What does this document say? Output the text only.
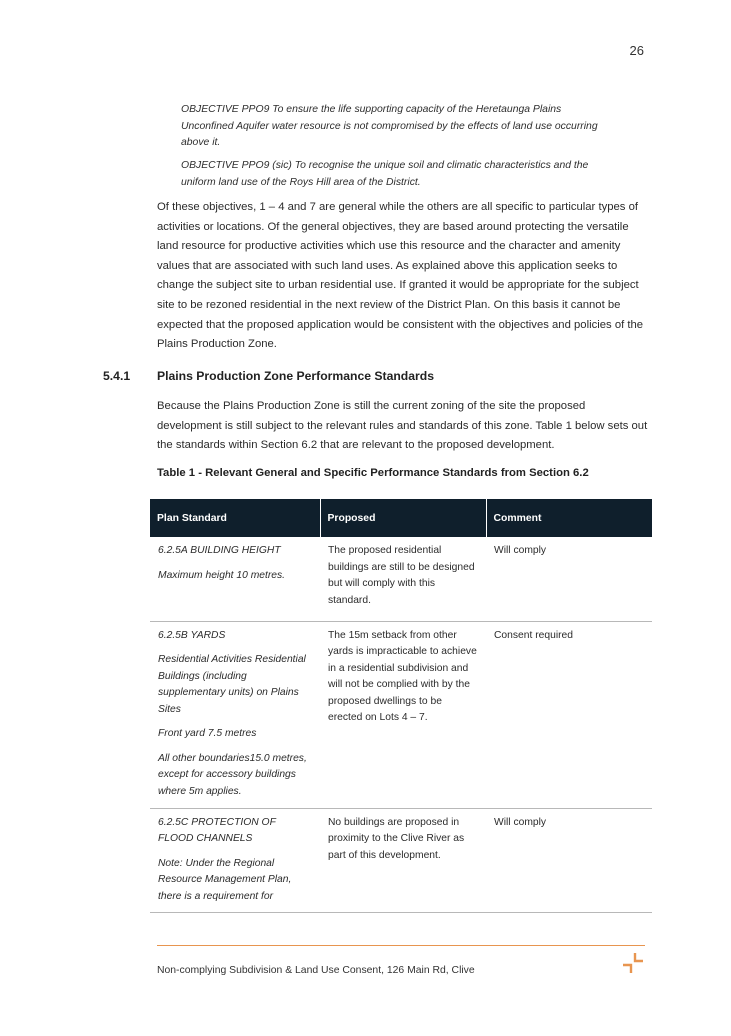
26

OBJECTIVE PPO9 To ensure the life supporting capacity of the Heretaunga Plains Unconfined Aquifer water resource is not compromised by the effects of land use occurring above it.

OBJECTIVE PPO9 (sic) To recognise the unique soil and climatic characteristics and the uniform land use of the Roys Hill area of the District.

Of these objectives, 1 – 4 and 7 are general while the others are all specific to particular types of activities or locations. Of the general objectives, they are based around protecting the versatile land resource for productive activities which use this resource and the character and amenity values that are associated with such land uses. As explained above this application seeks to change the subject site to urban residential use. If granted it would be appropriate for the subject site to be rezoned residential in the next review of the District Plan. On this basis it cannot be expected that the proposed application would be consistent with the objectives and policies of the Plains Production Zone.

5.4.1 Plains Production Zone Performance Standards

Because the Plains Production Zone is still the current zoning of the site the proposed development is still subject to the relevant rules and standards of this zone. Table 1 below sets out the standards within Section 6.2 that are relevant to the proposed development.

Table 1 - Relevant General and Specific Performance Standards from Section 6.2
Plan Standard	Proposed	Comment

6.2.5A BUILDING HEIGHT

Maximum height 10 metres.	The proposed residential buildings are still to be designed but will comply with this standard.	Will comply

6.2.5B YARDS

Residential Activities Residential Buildings (including supplementary units) on Plains Sites

Front yard 7.5 metres

All other boundaries15.0 metres, except for accessory buildings where 5m applies.	The 15m setback from other yards is impracticable to achieve in a residential subdivision and will not be complied with by the proposed dwellings to be erected on Lots 4 – 7.	Consent required

6.2.5C PROTECTION OF FLOOD CHANNELS

Note: Under the Regional Resource Management Plan, there is a requirement for	No buildings are proposed in proximity to the Clive River as part of this development.	Will comply
Non-complying Subdivision & Land Use Consent, 126 Main Rd, Clive
